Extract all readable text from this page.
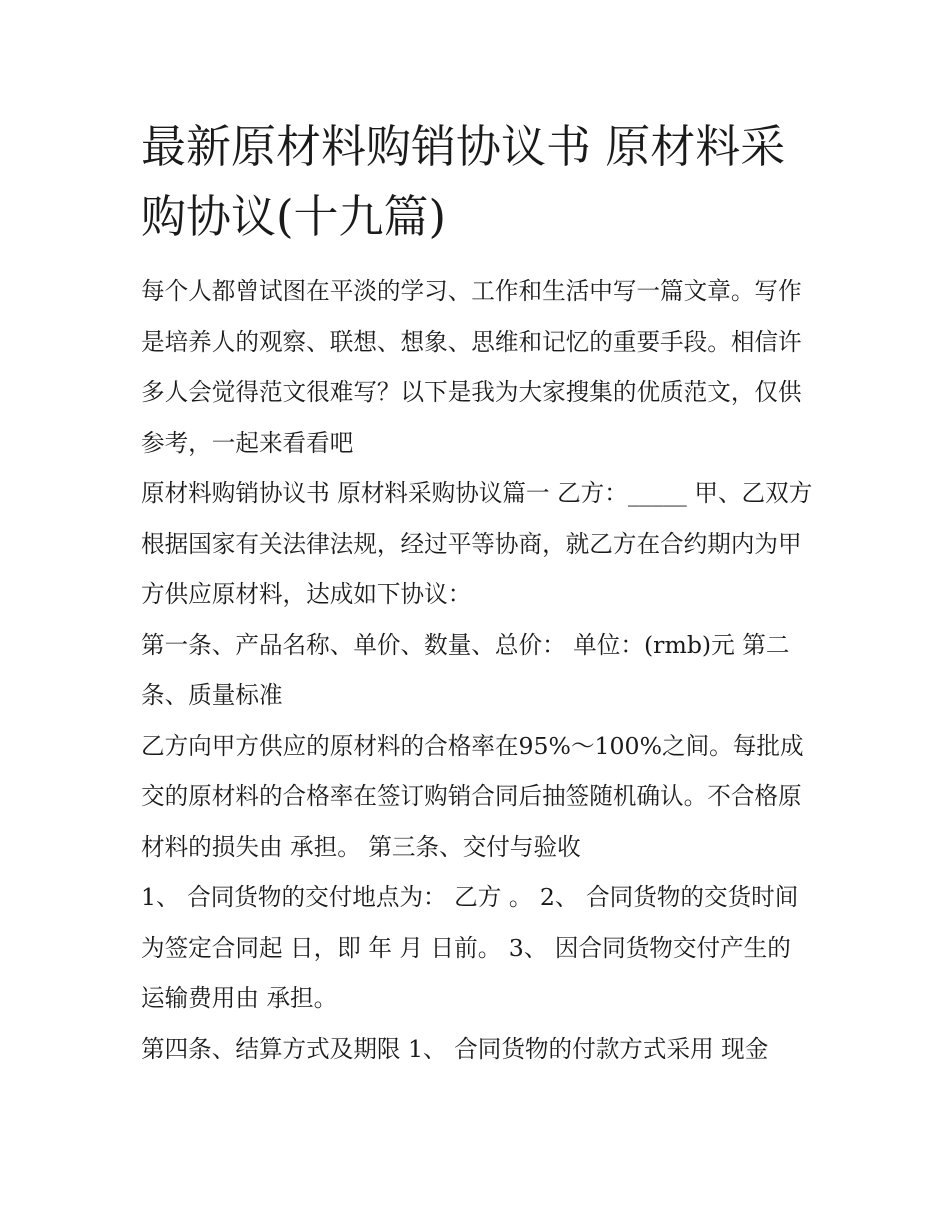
最新原材料购销协议书 原材料采购协议(十九篇)

每个人都曾试图在平淡的学习、工作和生活中写一篇文章。写作是培养人的观察、联想、想象、思维和记忆的重要手段。相信许多人会觉得范文很难写？以下是我为大家搜集的优质范文，仅供参考，一起来看看吧

原材料购销协议书 原材料采购协议篇一 乙方：_____ 甲、乙双方根据国家有关法律法规，经过平等协商，就乙方在合约期内为甲方供应原材料，达成如下协议：

第一条、产品名称、单价、数量、总价： 单位：(rmb)元 第二条、质量标准

乙方向甲方供应的原材料的合格率在95%～100%之间。每批成交的原材料的合格率在签订购销合同后抽签随机确认。不合格原材料的损失由 承担。 第三条、交付与验收

1、 合同货物的交付地点为： 乙方 。 2、 合同货物的交货时间为签定合同起 日，即 年 月 日前。 3、 因合同货物交付产生的运输费用由 承担。

第四条、结算方式及期限 1、 合同货物的付款方式采用 现金
